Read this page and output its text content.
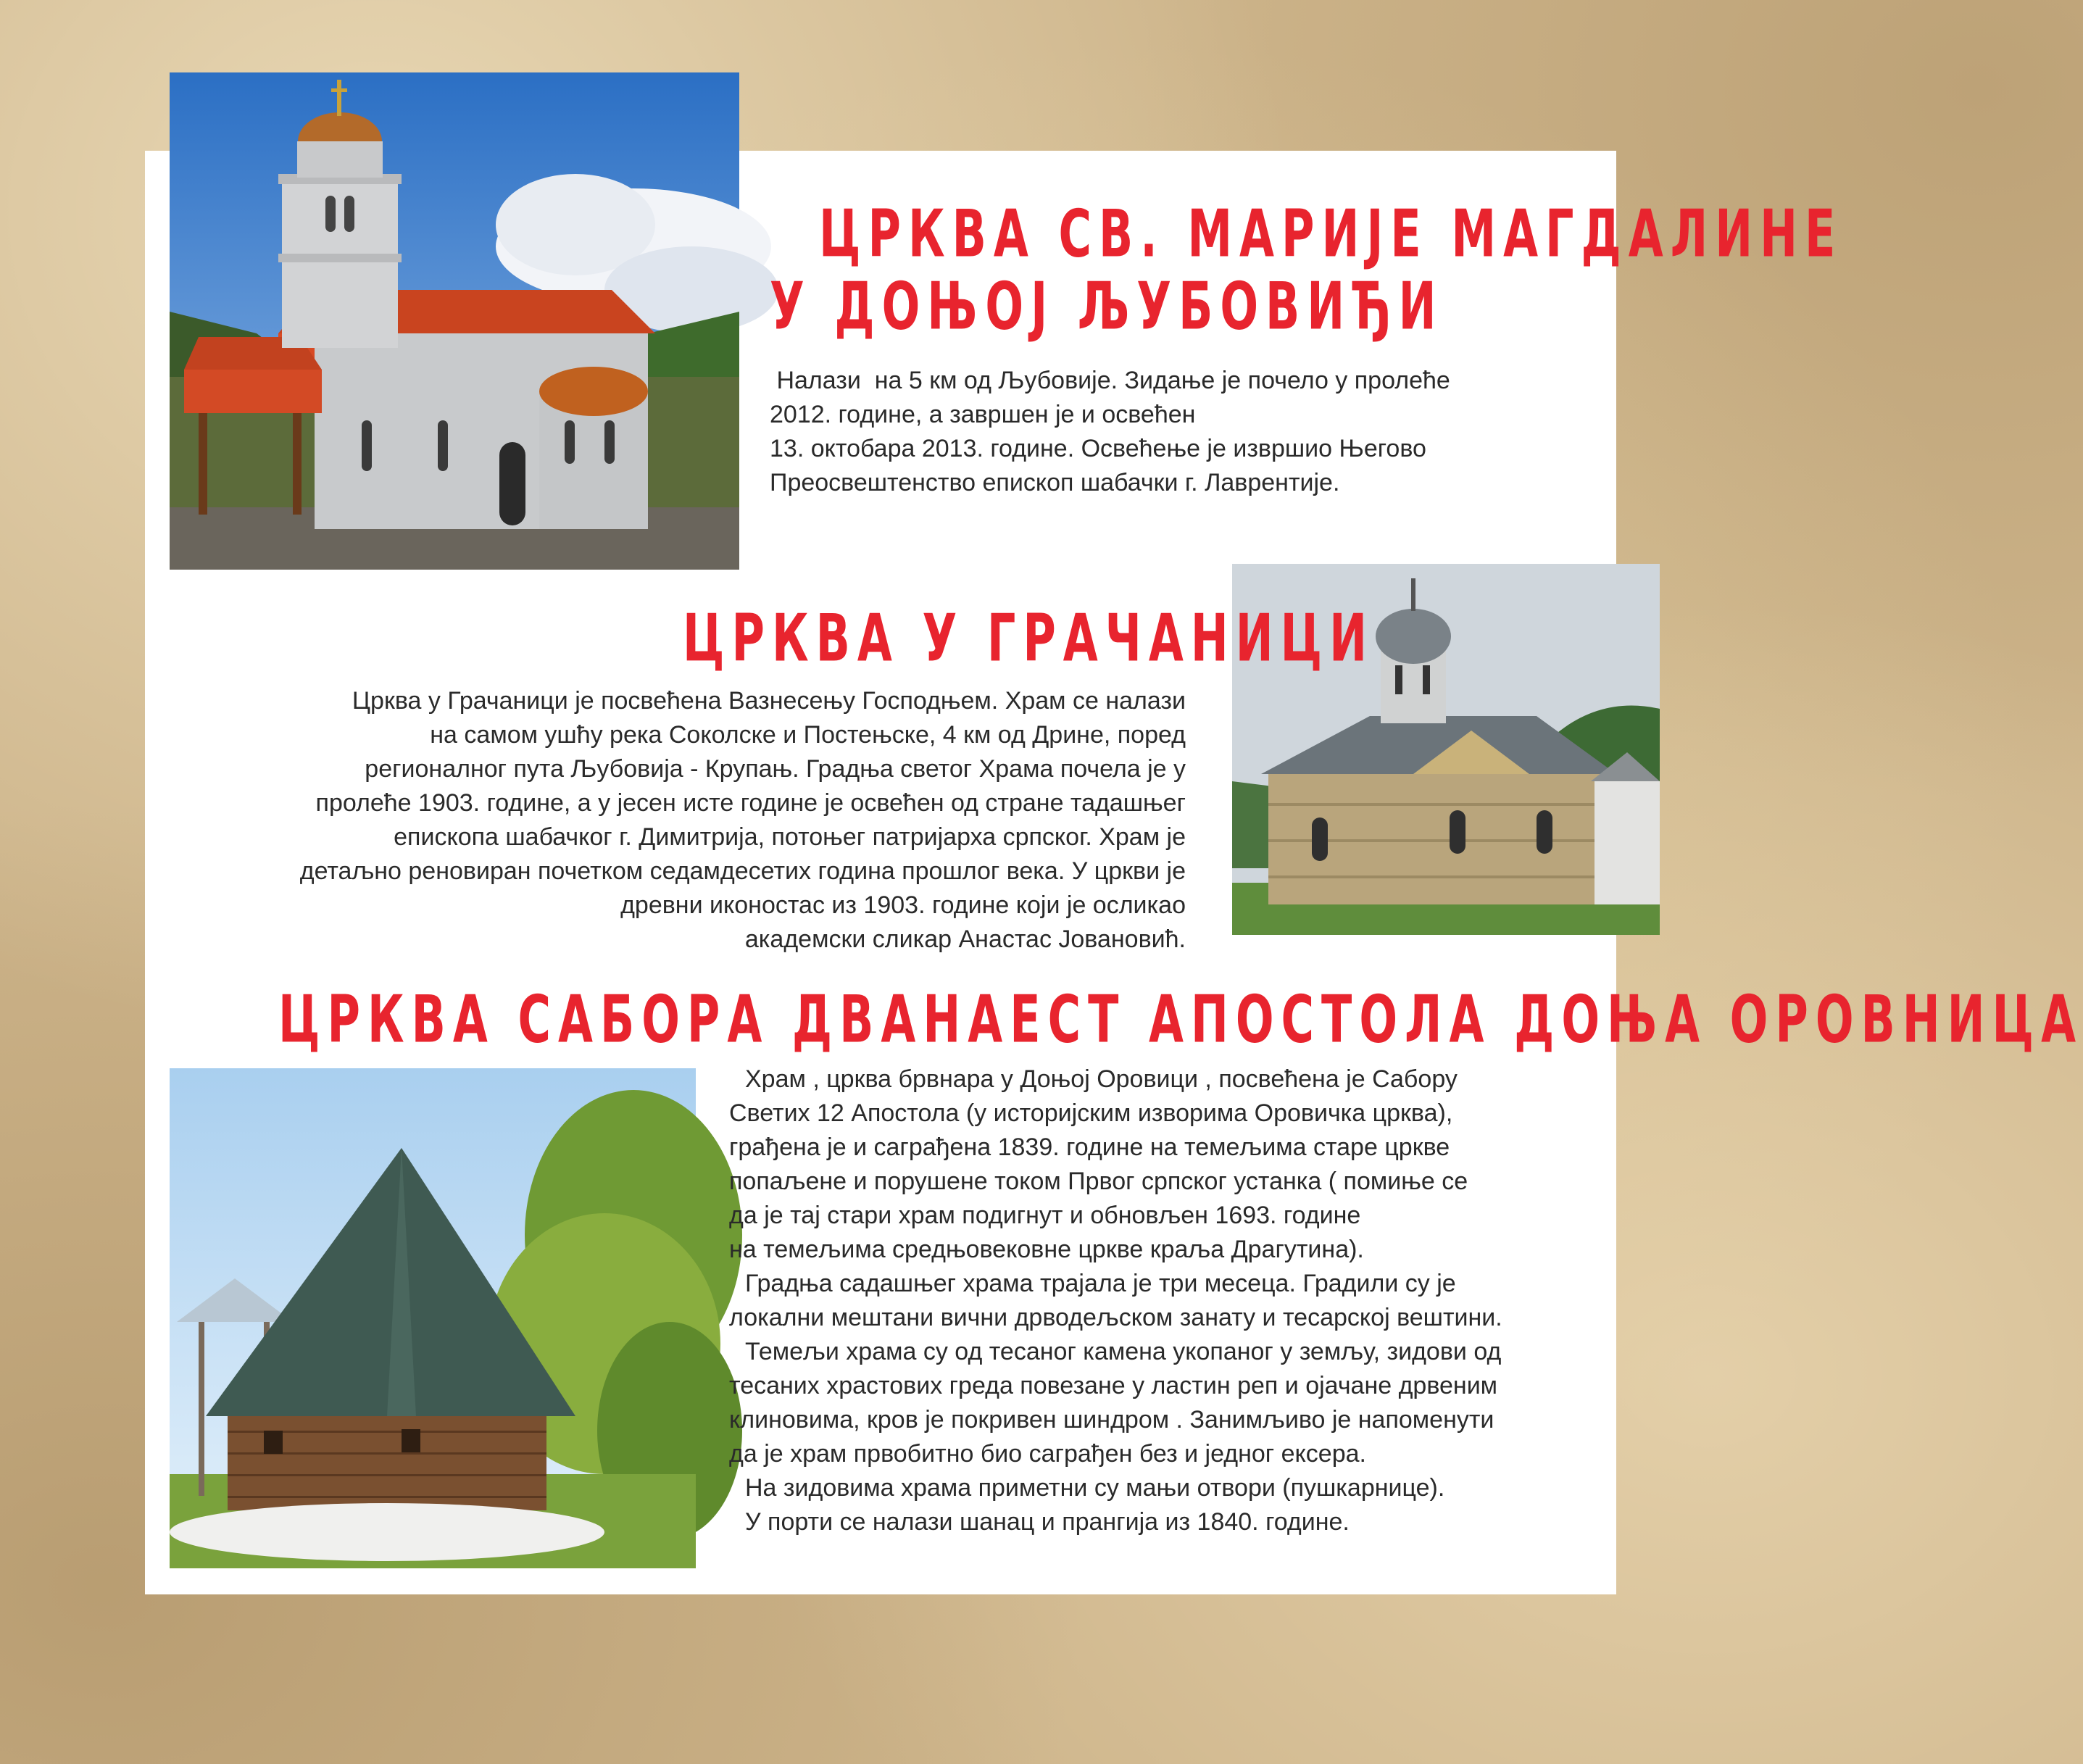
ЦРКВА СВ. МАРИЈЕ МАГДАЛИНЕ
У ДОЊОЈ ЉУБОВИЂИ

Налази  на 5 км од Љубовије. Зидање је почело у пролеће

2012. године, а завршен је и освећен

13. октобара 2013. године. Освећење је извршио Његово

Преосвештенство епископ шабачки г. Лаврентије.

ЦРКВА У ГРАЧАНИЦИ

Црква у Грачаници је посвећена Вазнесењу Господњем. Храм се налази

на самом ушћу река Соколске и Постењске, 4 км од Дрине, поред

регионалног пута Љубовија - Крупањ. Градња светог Храма почела је у

пролеће 1903. године, а у јесен исте године је освећен од стране тадашњег

епископа шабачког г. Димитрија, потоњег патријарха српског. Храм је

детаљно реновиран почетком седамдесетих година прошлог века. У цркви је

древни иконостас из 1903. године који је осликао

академски сликар Анастас Јовановић.

ЦРКВА САБОРА ДВАНАЕСТ АПОСТОЛА ДОЊА ОРОВНИЦА

Храм , црква брвнара у Доњој Оровици , посвећена је Сабору

Светих 12 Апостола (у историјским изворима Оровичка црква),

грађена је и саграђена 1839. године на темељима старе цркве

попаљене и порушене током Првог српског устанка ( помиње се

да је тај стари храм подигнут и обновљен 1693. године

на темељима средњовековне цркве краља Драгутина).

Градња садашњег храма трајала је три месеца. Градили су је

локални мештани вични дрводељском занату и тесарској вештини.

Темељи храма су од тесаног камена укопаног у земљу, зидови од

тесаних храстових греда повезане у ластин реп и ојачане дрвеним

клиновима, кров је покривен шиндром . Занимљиво је напоменути

да је храм првобитно био саграђен без и једног ексера.

На зидовима храма приметни су мањи отвори (пушкарнице).

У порти се налази шанац и прангија из 1840. године.
